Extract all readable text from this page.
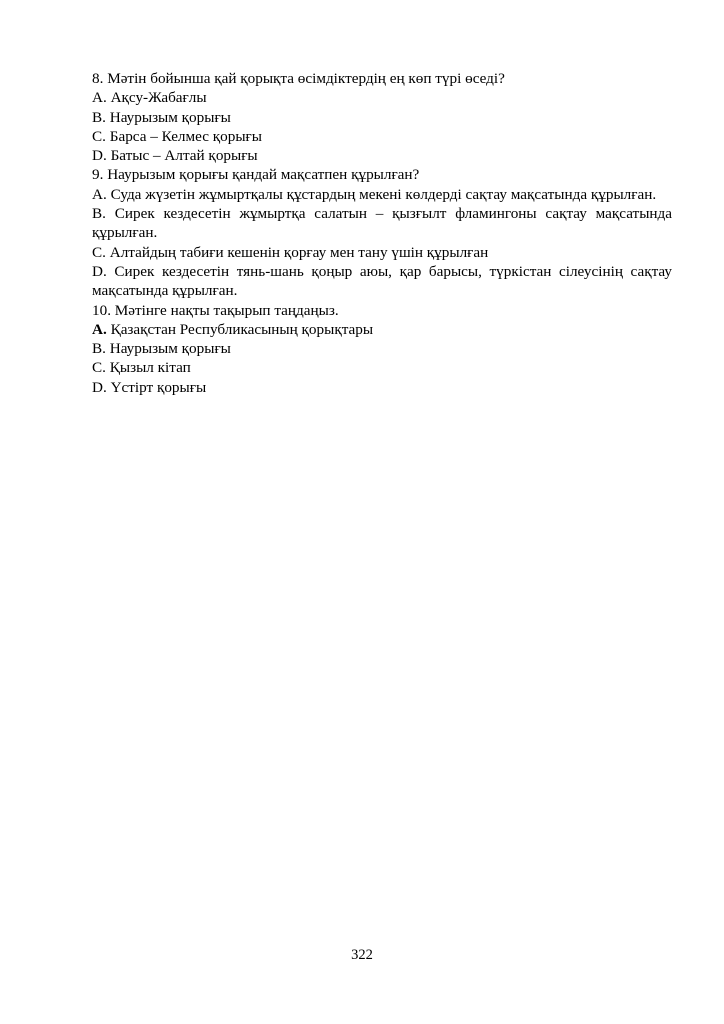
8. Мәтін бойынша қай қорықта өсімдіктердің ең көп түрі өседі?

A. Ақсу-Жабағлы

B. Наурызым қорығы

C. Барса – Келмес қорығы

D. Батыс – Алтай қорығы

9. Наурызым қорығы қандай мақсатпен құрылған?

A. Суда жүзетін жұмыртқалы құстардың мекені көлдерді сақтау мақсатында құрылған.

B. Сирек кездесетін жұмыртқа салатын – қызғылт фламингоны сақтау мақсатында құрылған.

C. Алтайдың табиғи кешенін қорғау мен тану үшін құрылған

D. Сирек кездесетін тянь-шань қоңыр аюы, қар барысы, түркістан сілеусінің сақтау мақсатында құрылған.

10. Мәтінге нақты тақырып таңдаңыз.

A. Қазақстан Республикасының қорықтары

B. Наурызым қорығы

C. Қызыл кітап

D. Үстірт қорығы

322
